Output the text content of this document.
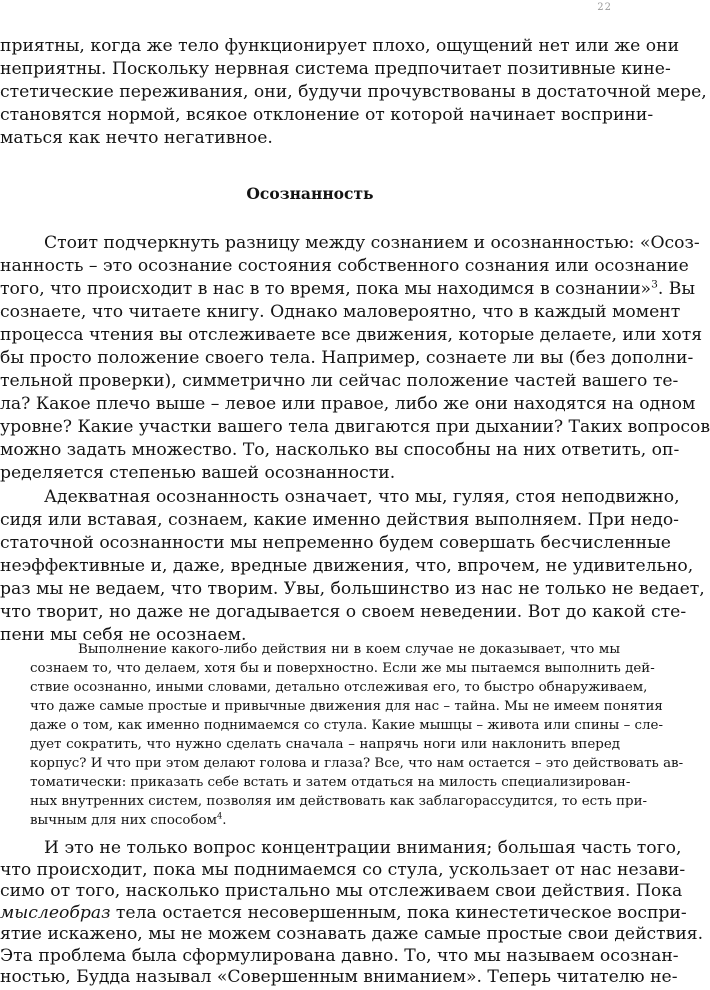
22
приятны, когда же тело функционирует плохо, ощущений нет или же они
неприятны. Поскольку нервная система предпочитает позитивные кине-
стетические переживания, они, будучи прочувствованы в достаточной мере,
становятся нормой, всякое отклонение от которой начинает восприни-
маться как нечто негативное.
Осознанность
Стоит подчеркнуть разницу между сознанием и осознанностью: «Осоз-
нанность – это осознание состояния собственного сознания или осознание
того, что происходит в нас в то время, пока мы находимся в сознании»$^3$. Вы
сознаете, что читаете книгу. Однако маловероятно, что в каждый момент
процесса чтения вы отслеживаете все движения, которые делаете, или хотя
бы просто положение своего тела. Например, сознаете ли вы (без дополни-
тельной проверки), симметрично ли сейчас положение частей вашего те-
ла? Какое плечо выше – левое или правое, либо же они находятся на одном
уровне? Какие участки вашего тела двигаются при дыхании? Таких вопросов
можно задать множество. То, насколько вы способны на них ответить, оп-
ределяется степенью вашей осознанности.
Адекватная осознанность означает, что мы, гуляя, стоя неподвижно,
сидя или вставая, сознаем, какие именно действия выполняем. При недо-
статочной осознанности мы непременно будем совершать бесчисленные
неэффективные и, даже, вредные движения, что, впрочем, не удивительно,
раз мы не ведаем, что творим. Увы, большинство из нас не только не ведает,
что творит, но даже не догадывается о своем неведении. Вот до какой сте-
пени мы себя не осознаем.
Выполнение какого-либо действия ни в коем случае не доказывает, что мы
сознаем то, что делаем, хотя бы и поверхностно. Если же мы пытаемся выполнить дей-
ствие осознанно, иными словами, детально отслеживая его, то быстро обнаруживаем,
что даже самые простые и привычные движения для нас – тайна. Мы не имеем понятия
даже о том, как именно поднимаемся со стула. Какие мышцы – живота или спины – сле-
дует сократить, что нужно сделать сначала – напрячь ноги или наклонить вперед
корпус? И что при этом делают голова и глаза? Все, что нам остается – это действовать ав-
томатически: приказать себе встать и затем отдаться на милость специализирован-
ных внутренних систем, позволяя им действовать как заблагорассудится, то есть при-
вычным для них способом$^4$.
И это не только вопрос концентрации внимания; большая часть того,
что происходит, пока мы поднимаемся со стула, ускользает от нас незави-
симо от того, насколько пристально мы отслеживаем свои действия. Пока
мыслеобраз тела остается несовершенным, пока кинестетическое воспри-
ятие искажено, мы не можем сознавать даже самые простые свои действия.
Эта проблема была сформулирована давно. То, что мы называем осознан-
ностью, Будда называл «Совершенным вниманием». Теперь читателю не-
